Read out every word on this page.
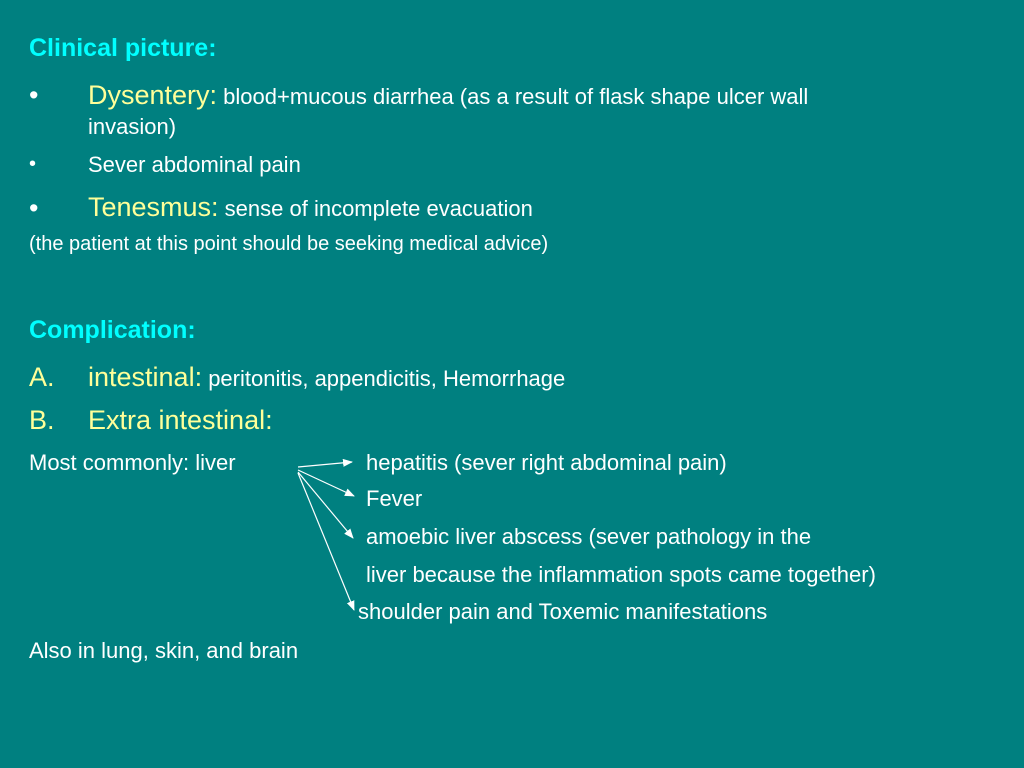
Clinical picture:
• Dysentery: blood+mucous diarrhea (as a result of flask shape ulcer wall
invasion)
• Sever abdominal pain
• Tenesmus: sense of incomplete evacuation
(the patient at this point should be seeking medical advice)
Complication:
A. intestinal: peritonitis, appendicitis, Hemorrhage
B. Extra intestinal:
Most commonly: liver	hepatitis (sever right abdominal pain)
Fever
amoebic liver abscess (sever pathology in the
liver because the inflammation spots came together)
shoulder pain and Toxemic manifestations
Also in lung, skin, and brain
